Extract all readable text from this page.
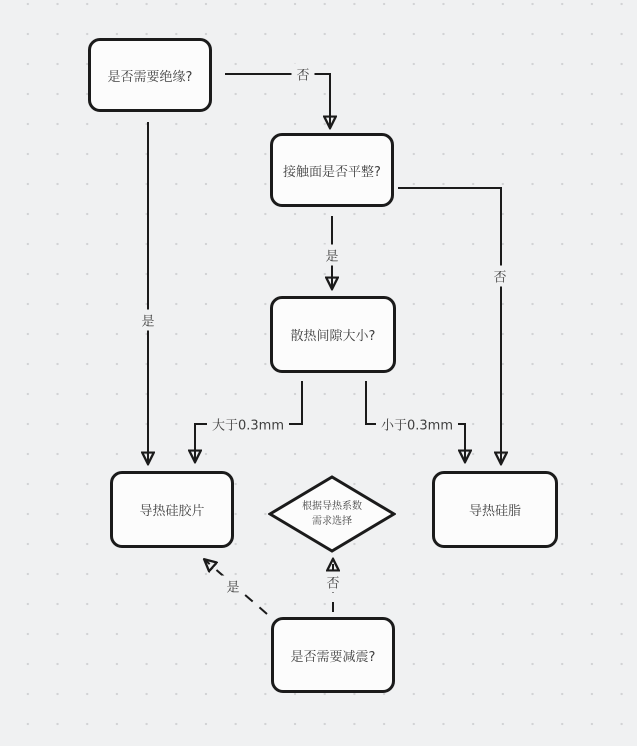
是否需要绝缘?
接触面是否平整?
散热间隙大小?
导热硅胶片	导热硅脂
是否需要减震?
根据导热系数
需求选择
否
是
是
否
大于0.3mm	小于0.3mm
否
是
